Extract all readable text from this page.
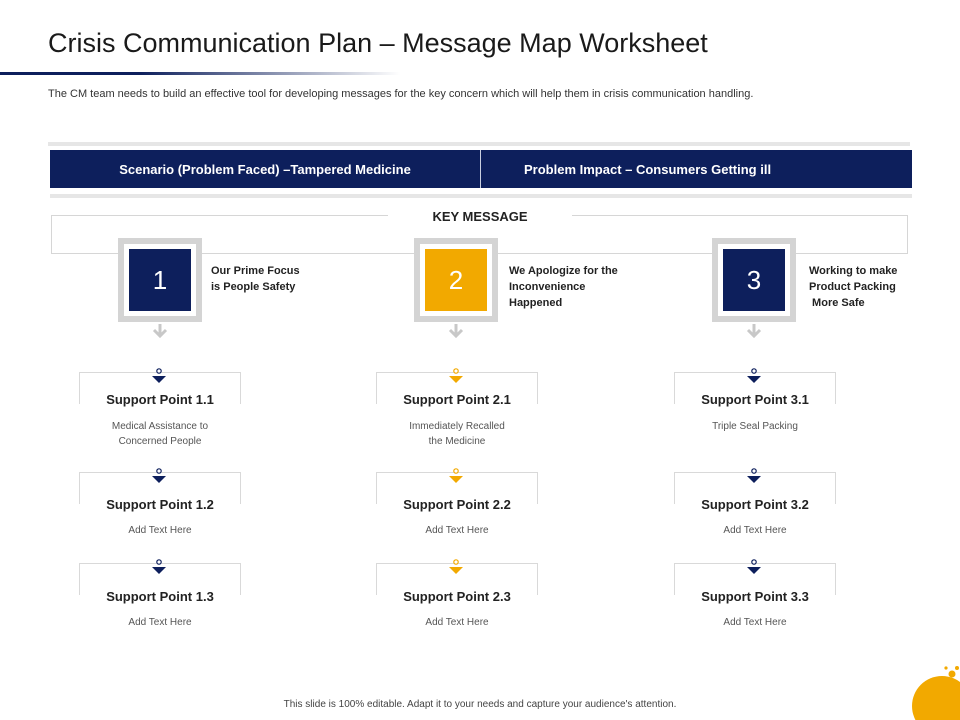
Crisis Communication Plan – Message Map Worksheet
The CM team needs to build an effective tool for developing messages for the key concern which will help them in crisis communication handling.
Scenario (Problem Faced) –Tampered Medicine	Problem Impact – Consumers Getting ill
KEY MESSAGE
1	Our Prime Focus
is People Safety	2	We Apologize for the
Inconvenience
Happened
3	Working to make
Product Packing
More Safe
Support Point 1.1
Medical Assistance to
Concerned People
Support Point 1.2
Add Text Here
Support Point 1.3
Add Text Here
Support Point 2.1
Immediately Recalled
the Medicine
Support Point 2.2
Add Text Here
Support Point 2.3
Add Text Here
Support Point 3.1
Triple Seal Packing
Support Point 3.2
Add Text Here
Support Point 3.3
Add Text Here
This slide is 100% editable. Adapt it to your needs and capture your audience's attention.
